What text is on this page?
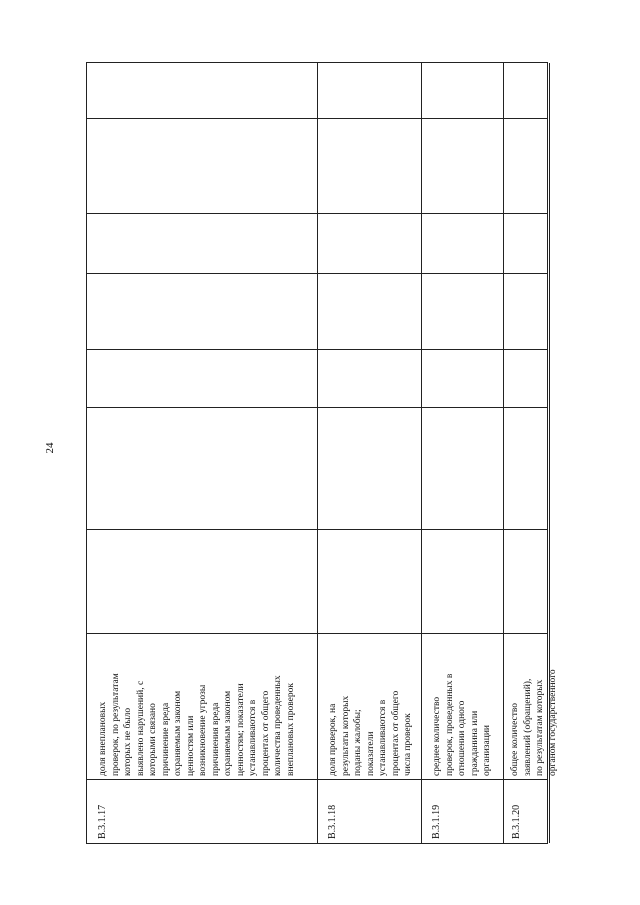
24
В.3.1.17
доля внеплановых
проверок, по результатам
которых не было
выявлено нарушений, с
которыми связано
причинение вреда
охраняемым законом
ценностям или
возникновение угрозы
причинения вреда
охраняемым законом
ценностям; показатели
устанавливаются в
процентах от общего
количества проведенных
внеплановых проверок
В.3.1.18
доля проверок, на
результаты которых
поданы жалобы;
показатели
устанавливаются в
процентах от общего
числа проверок
В.3.1.19
среднее количество
проверок, проведенных в
отношении одного
гражданина или
организации
В.3.1.20
общее количество
заявлений (обращений),
по результатам которых
органом государственного
